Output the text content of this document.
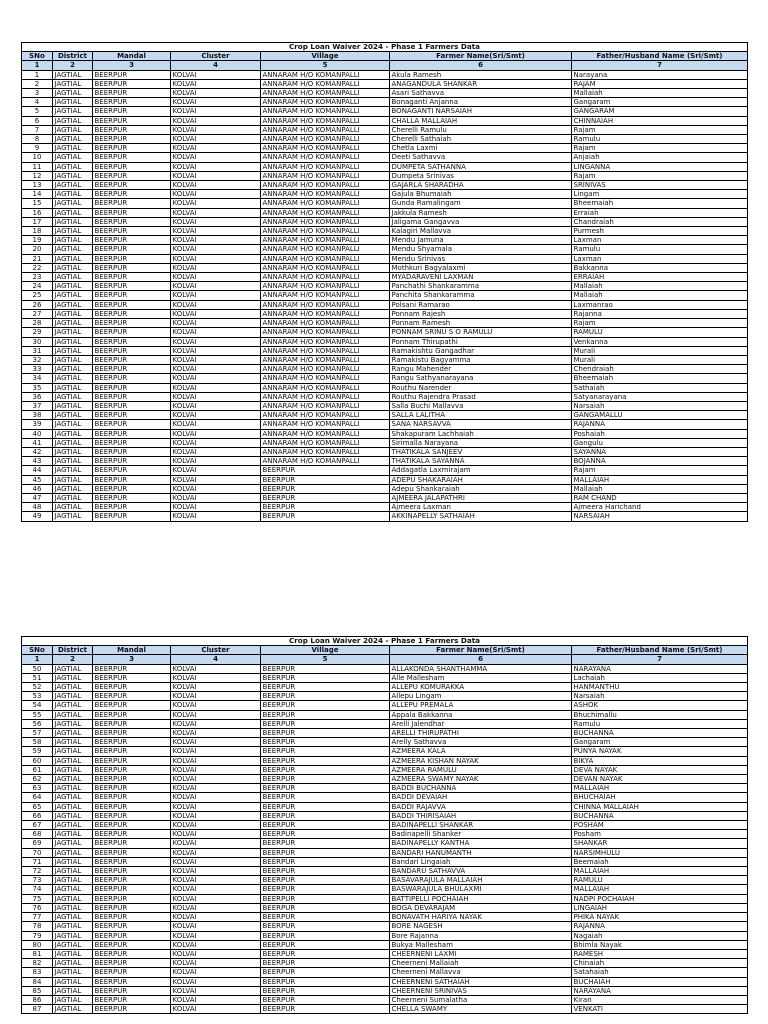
Crop Loan Waiver 2024 - Phase 1 Farmers Data						
SNo	District	Mandal	Cluster	Village	Farmer Name(Sri/Smt)	Father/Husband Name (Sri/Smt)
1	2	3	4	5	6	7
1	JAGTIAL	BEERPUR	KOLVAI	ANNARAM H/O KOMANPALLI	Akula Ramesh	Narayana
2	JAGTIAL	BEERPUR	KOLVAI	ANNARAM H/O KOMANPALLI	ANAGANDULA SHANKAR	RAJAM
3	JAGTIAL	BEERPUR	KOLVAI	ANNARAM H/O KOMANPALLI	Asari Sathavva	Mallaiah
4	JAGTIAL	BEERPUR	KOLVAI	ANNARAM H/O KOMANPALLI	Bonaganti Anjanna	Gangaram
5	JAGTIAL	BEERPUR	KOLVAI	ANNARAM H/O KOMANPALLI	BONAGANTI NARSAIAH	GANGARAM
6	JAGTIAL	BEERPUR	KOLVAI	ANNARAM H/O KOMANPALLI	CHALLA MALLAIAH	CHINNAIAH
7	JAGTIAL	BEERPUR	KOLVAI	ANNARAM H/O KOMANPALLI	Cherelli Ramulu	Rajam
8	JAGTIAL	BEERPUR	KOLVAI	ANNARAM H/O KOMANPALLI	Cherelli Sathaiah	Ramulu
9	JAGTIAL	BEERPUR	KOLVAI	ANNARAM H/O KOMANPALLI	Chetla Laxmi	Rajam
10	JAGTIAL	BEERPUR	KOLVAI	ANNARAM H/O KOMANPALLI	Deeti Sathavva	Anjaiah
11	JAGTIAL	BEERPUR	KOLVAI	ANNARAM H/O KOMANPALLI	DUMPETA SATHANNA	LINGANNA
12	JAGTIAL	BEERPUR	KOLVAI	ANNARAM H/O KOMANPALLI	Dumpeta Srinivas	Rajam
13	JAGTIAL	BEERPUR	KOLVAI	ANNARAM H/O KOMANPALLI	GAJARLA SHARADHA	SRINIVAS
14	JAGTIAL	BEERPUR	KOLVAI	ANNARAM H/O KOMANPALLI	Gajula Bhumaiah	Lingam
15	JAGTIAL	BEERPUR	KOLVAI	ANNARAM H/O KOMANPALLI	Gunda Ramalingam	Bheemaiah
16	JAGTIAL	BEERPUR	KOLVAI	ANNARAM H/O KOMANPALLI	Jakkula Ramesh	Erraiah
17	JAGTIAL	BEERPUR	KOLVAI	ANNARAM H/O KOMANPALLI	Jaligama Gangavva	Chandraiah
18	JAGTIAL	BEERPUR	KOLVAI	ANNARAM H/O KOMANPALLI	Kalagiri Mallavva	Purmesh
19	JAGTIAL	BEERPUR	KOLVAI	ANNARAM H/O KOMANPALLI	Mendu Jamuna	Laxman
20	JAGTIAL	BEERPUR	KOLVAI	ANNARAM H/O KOMANPALLI	Mendu Shyamala	Ramulu
21	JAGTIAL	BEERPUR	KOLVAI	ANNARAM H/O KOMANPALLI	Mendu Srinivas	Laxman
22	JAGTIAL	BEERPUR	KOLVAI	ANNARAM H/O KOMANPALLI	Mothkuri Bagyalaxmi	Bakkanna
23	JAGTIAL	BEERPUR	KOLVAI	ANNARAM H/O KOMANPALLI	MYADARAVENI LAXMAN	ERRAIAH
24	JAGTIAL	BEERPUR	KOLVAI	ANNARAM H/O KOMANPALLI	Panchathi Shankaramma	Mallaiah
25	JAGTIAL	BEERPUR	KOLVAI	ANNARAM H/O KOMANPALLI	Panchita Shankaramma	Mallaiah
26	JAGTIAL	BEERPUR	KOLVAI	ANNARAM H/O KOMANPALLI	Polsani Ramarao	Laxmanrao
27	JAGTIAL	BEERPUR	KOLVAI	ANNARAM H/O KOMANPALLI	Ponnam Rajesh	Rajanna
28	JAGTIAL	BEERPUR	KOLVAI	ANNARAM H/O KOMANPALLI	Ponnam Ramesh	Rajam
29	JAGTIAL	BEERPUR	KOLVAI	ANNARAM H/O KOMANPALLI	PONNAM SRINU S O RAMULU	RAMULU
30	JAGTIAL	BEERPUR	KOLVAI	ANNARAM H/O KOMANPALLI	Ponnam Thirupathi	Venkanna
31	JAGTIAL	BEERPUR	KOLVAI	ANNARAM H/O KOMANPALLI	Ramakishtu Gangadhar	Murali
32	JAGTIAL	BEERPUR	KOLVAI	ANNARAM H/O KOMANPALLI	Ramakistu Bagyamma	Murali
33	JAGTIAL	BEERPUR	KOLVAI	ANNARAM H/O KOMANPALLI	Rangu Mahender	Chendraiah
34	JAGTIAL	BEERPUR	KOLVAI	ANNARAM H/O KOMANPALLI	Rangu Sathyanarayana	Bheemaiah
35	JAGTIAL	BEERPUR	KOLVAI	ANNARAM H/O KOMANPALLI	Routhu Narender	Sathaiah
36	JAGTIAL	BEERPUR	KOLVAI	ANNARAM H/O KOMANPALLI	Routhu Rajendra Prasad	Satyanarayana
37	JAGTIAL	BEERPUR	KOLVAI	ANNARAM H/O KOMANPALLI	Salla Buchi Mallavva	Narsaiah
38	JAGTIAL	BEERPUR	KOLVAI	ANNARAM H/O KOMANPALLI	SALLA LALITHA	GANGAMALLU
39	JAGTIAL	BEERPUR	KOLVAI	ANNARAM H/O KOMANPALLI	SANA NARSAVVA	RAJANNA
40	JAGTIAL	BEERPUR	KOLVAI	ANNARAM H/O KOMANPALLI	Shakapuram Lachhaiah	Poshaiah
41	JAGTIAL	BEERPUR	KOLVAI	ANNARAM H/O KOMANPALLI	Sirimalla Narayana	Gangulu
42	JAGTIAL	BEERPUR	KOLVAI	ANNARAM H/O KOMANPALLI	THATIKALA SANJEEV	SAYANNA
43	JAGTIAL	BEERPUR	KOLVAI	ANNARAM H/O KOMANPALLI	THATIKALA SAYANNA	BOJANNA
44	JAGTIAL	BEERPUR	KOLVAI	BEERPUR	Addagatla Laxmirajam	Rajam
45	JAGTIAL	BEERPUR	KOLVAI	BEERPUR	ADEPU SHAKARAIAH	MALLAIAH
46	JAGTIAL	BEERPUR	KOLVAI	BEERPUR	Adepu Shankaraiah	Mallaiah
47	JAGTIAL	BEERPUR	KOLVAI	BEERPUR	AJMEERA JALAPATHRI	RAM CHAND
48	JAGTIAL	BEERPUR	KOLVAI	BEERPUR	Ajmeera Laxman	Ajmeera Harichand
49	JAGTIAL	BEERPUR	KOLVAI	BEERPUR	AKKINAPELLY SATHAIAH	NARSAIAH
Crop Loan Waiver 2024 - Phase 1 Farmers Data						
SNo	District	Mandal	Cluster	Village	Farmer Name(Sri/Smt)	Father/Husband Name (Sri/Smt)
1	2	3	4	5	6	7
50	JAGTIAL	BEERPUR	KOLVAI	BEERPUR	ALLAKONDA SHANTHAMMA	NARAYANA
51	JAGTIAL	BEERPUR	KOLVAI	BEERPUR	Alle Mallesham	Lachaiah
52	JAGTIAL	BEERPUR	KOLVAI	BEERPUR	ALLEPU KOMURAKKA	HANMANTHU
53	JAGTIAL	BEERPUR	KOLVAI	BEERPUR	Allepu Lingam	Narsaiah
54	JAGTIAL	BEERPUR	KOLVAI	BEERPUR	ALLEPU PREMALA	ASHOK
55	JAGTIAL	BEERPUR	KOLVAI	BEERPUR	Appala Bakkanna	Bhuchimallu
56	JAGTIAL	BEERPUR	KOLVAI	BEERPUR	Arelli Jalendhar	Ramulu
57	JAGTIAL	BEERPUR	KOLVAI	BEERPUR	ARELLI THIRUPATHI	BUCHANNA
58	JAGTIAL	BEERPUR	KOLVAI	BEERPUR	Arelly Sathavva	Gangaram
59	JAGTIAL	BEERPUR	KOLVAI	BEERPUR	AZMEERA KALA	PUNYA NAYAK
60	JAGTIAL	BEERPUR	KOLVAI	BEERPUR	AZMEERA KISHAN NAYAK	BIKYA
61	JAGTIAL	BEERPUR	KOLVAI	BEERPUR	AZMEERA RAMULU	DEVA NAYAK
62	JAGTIAL	BEERPUR	KOLVAI	BEERPUR	AZMEERA SWAMY NAYAK	DEVAN NAYAK
63	JAGTIAL	BEERPUR	KOLVAI	BEERPUR	BADDI BUCHANNA	MALLAIAH
64	JAGTIAL	BEERPUR	KOLVAI	BEERPUR	BADDI DEVAIAH	BHUCHAIAH
65	JAGTIAL	BEERPUR	KOLVAI	BEERPUR	BADDI RAJAVVA	CHINNA MALLAIAH
66	JAGTIAL	BEERPUR	KOLVAI	BEERPUR	BADDI THIRISAIAH	BUCHANNA
67	JAGTIAL	BEERPUR	KOLVAI	BEERPUR	BADINAPELLI SHANKAR	POSHAM
68	JAGTIAL	BEERPUR	KOLVAI	BEERPUR	Badinapelli Shanker	Posham
69	JAGTIAL	BEERPUR	KOLVAI	BEERPUR	BADINAPELLY KANTHA	SHANKAR
70	JAGTIAL	BEERPUR	KOLVAI	BEERPUR	BANDARI HANUMANTH	NARSIMHULU
71	JAGTIAL	BEERPUR	KOLVAI	BEERPUR	Bandari Lingaiah	Beemaiah
72	JAGTIAL	BEERPUR	KOLVAI	BEERPUR	BANDARU SATHAVVA	MALLAIAH
73	JAGTIAL	BEERPUR	KOLVAI	BEERPUR	BASAVARAJULA MALLAIAH	RAMULU
74	JAGTIAL	BEERPUR	KOLVAI	BEERPUR	BASWARAJULA BHULAXMI	MALLAIAH
75	JAGTIAL	BEERPUR	KOLVAI	BEERPUR	BATTIPELLI POCHAIAH	NADPI POCHAIAH
76	JAGTIAL	BEERPUR	KOLVAI	BEERPUR	BOGA DEVARAJAM	LINGAIAH
77	JAGTIAL	BEERPUR	KOLVAI	BEERPUR	BONAVATH HARIYA NAYAK	PHIKA NAYAK
78	JAGTIAL	BEERPUR	KOLVAI	BEERPUR	BORE NAGESH	RAJANNA
79	JAGTIAL	BEERPUR	KOLVAI	BEERPUR	Bore Rajanna	Nagaiah
80	JAGTIAL	BEERPUR	KOLVAI	BEERPUR	Bukya Mallesham	Bhimla Nayak
81	JAGTIAL	BEERPUR	KOLVAI	BEERPUR	CHEERNENI LAXMI	RAMESH
82	JAGTIAL	BEERPUR	KOLVAI	BEERPUR	Cheerneni Mallaiah	Chinaiah
83	JAGTIAL	BEERPUR	KOLVAI	BEERPUR	Cheerneni Mallavva	Satahaiah
84	JAGTIAL	BEERPUR	KOLVAI	BEERPUR	CHEERNENI SATHAIAH	BUCHAIAH
85	JAGTIAL	BEERPUR	KOLVAI	BEERPUR	CHEERNENI SRINIVAS	NARAYANA
86	JAGTIAL	BEERPUR	KOLVAI	BEERPUR	Cheerneni Sumalatha	Kiran
87	JAGTIAL	BEERPUR	KOLVAI	BEERPUR	CHELLA SWAMY	VENKATI
